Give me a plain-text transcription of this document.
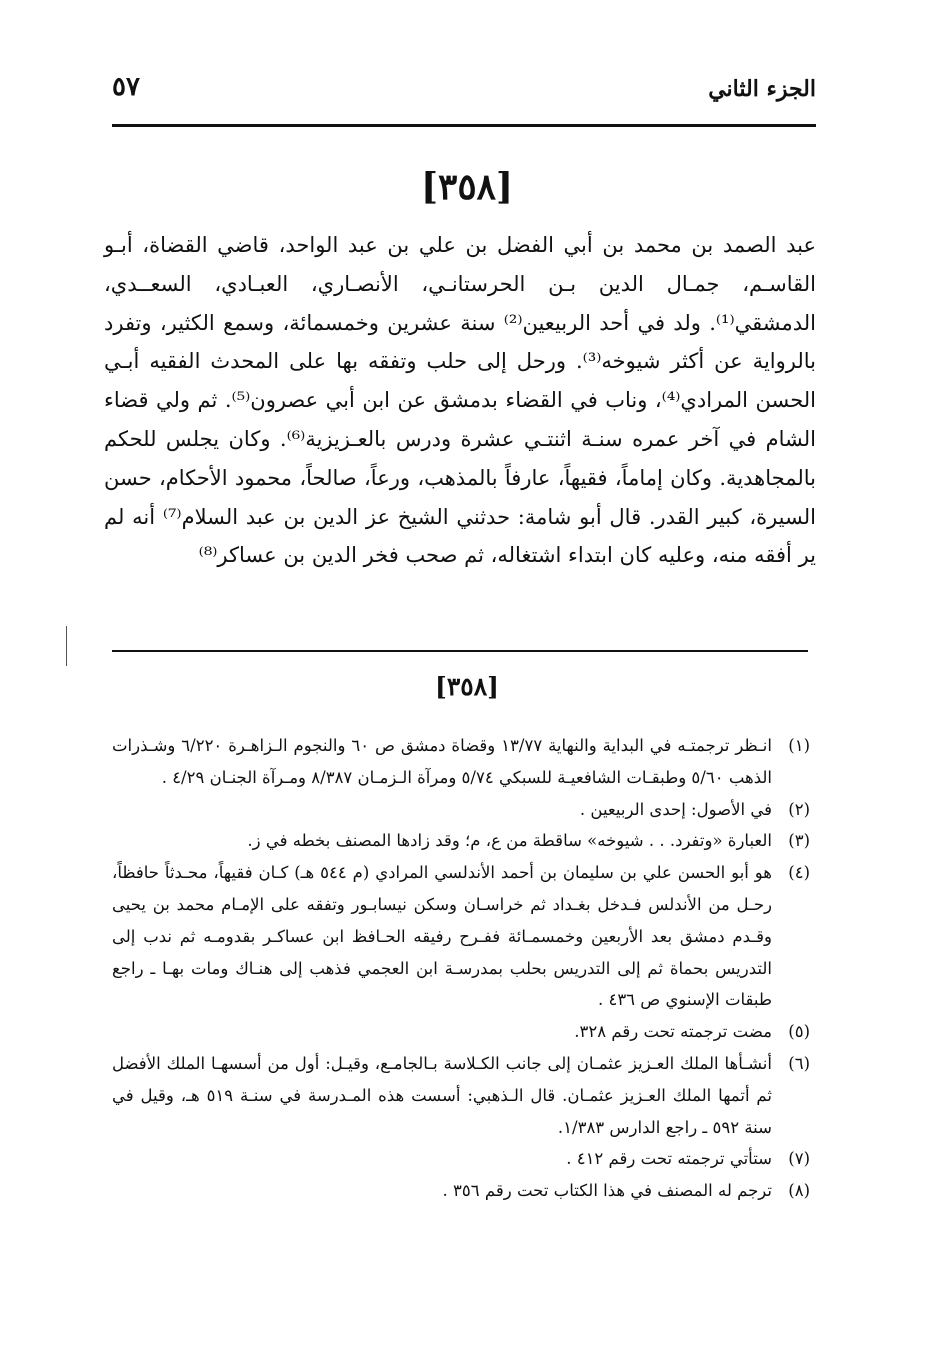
الجزء الثاني
٥٧
[٣٥٨]

عبد الصمد بن محمد بن أبي الفضل بن علي بن عبد الواحد، قاضي القضاة، أبـو القاسـم، جمـال الدين بـن الحرستانـي، الأنصـاري، العبـادي، السعــدي، الدمشقي⁽¹⁾. ولد في أحد الربيعين⁽²⁾ سنة عشرين وخمسمائة، وسمع الكثير، وتفرد بالرواية عن أكثر شيوخه⁽³⁾. ورحل إلى حلب وتفقه بها على المحدث الفقيه أبـي الحسن المرادي⁽⁴⁾، وناب في القضاء بدمشق عن ابن أبي عصرون⁽⁵⁾. ثم ولي قضاء الشام في آخر عمره سنـة اثنتـي عشرة ودرس بالعـزيزية⁽⁶⁾. وكان يجلس للحكم بالمجاهدية. وكان إماماً، فقيهاً، عارفاً بالمذهب، ورعاً، صالحاً، محمود الأحكام، حسن السيرة، كبير القدر. قال أبو شامة: حدثني الشيخ عز الدين بن عبد السلام⁽⁷⁾ أنه لم ير أفقه منه، وعليه كان ابتداء اشتغاله، ثم صحب فخر الدين بن عساكر⁽⁸⁾

[٣٥٨]
(١)
انـظر ترجمتـه في البداية والنهاية ١٣/٧٧ وقضاة دمشق ص ٦٠ والنجوم الـزاهـرة ٦/٢٢٠ وشـذرات الذهب ٥/٦٠ وطبقـات الشافعيـة للسبكي ٥/٧٤ ومرآة الـزمـان ٨/٣٨٧ ومـرآة الجنـان ٤/٢٩ .
(٢)
في الأصول: إحدى الربيعين .
(٣)
العبارة «وتفرد. . . شيوخه» ساقطة من ع، م؛ وقد زادها المصنف بخطه في ز.
(٤)
هو أبو الحسن علي بن سليمان بن أحمد الأندلسي المرادي (م ٥٤٤ هـ) كـان فقيهاً، محـدثاً حافظاً، رحـل من الأندلس فـدخل بغـداد ثم خراسـان وسكن نيسابـور وتفقه على الإمـام محمد بن يحيى وقـدم دمشق بعد الأربعين وخمسمـائة ففـرح رفيقه الحـافظ ابن عساكـر بقدومـه ثم ندب إلى التدريس بحماة ثم إلى التدريس بحلب بمدرسـة ابن العجمي فذهب إلى هنـاك ومات بهـا ـ راجع طبقات الإسنوي ص ٤٣٦ .
(٥)
مضت ترجمته تحت رقم ٣٢٨.
(٦)
أنشـأها الملك العـزيز عثمـان إلى جانب الكـلاسة بـالجامـع، وقيـل: أول من أسسهـا الملك الأفضل ثم أتمها الملك العـزيز عثمـان. قال الـذهبي: أسست هذه المـدرسة في سنـة ٥١٩ هـ، وقيل في سنة ٥٩٢ ـ راجع الدارس ١/٣٨٣.
(٧)
ستأتي ترجمته تحت رقم ٤١٢ .
(٨)
ترجم له المصنف في هذا الكتاب تحت رقم ٣٥٦ .
